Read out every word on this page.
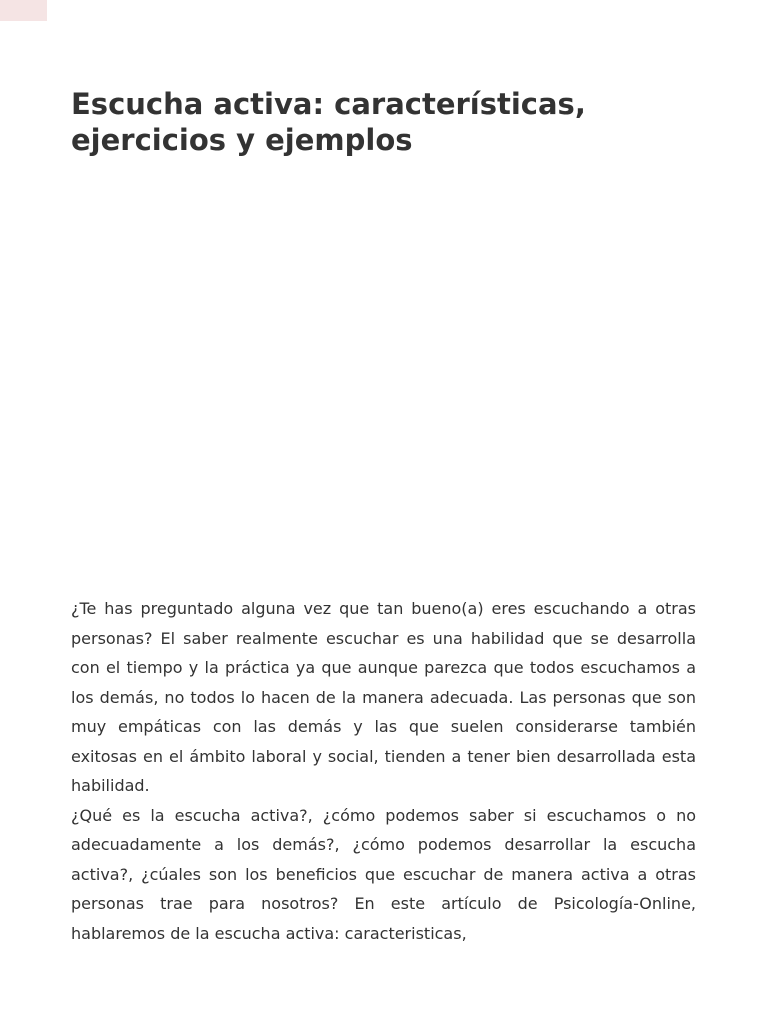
Escucha activa: características, ejercicios y ejemplos

¿Te has preguntado alguna vez que tan bueno(a) eres escuchando a otras personas? El saber realmente escuchar es una habilidad que se desarrolla con el tiempo y la práctica ya que aunque parezca que todos escuchamos a los demás, no todos lo hacen de la manera adecuada. Las personas que son muy empáticas con las demás y las que suelen considerarse también exitosas en el ámbito laboral y social, tienden a tener bien desarrollada esta habilidad.

¿Qué es la escucha activa?, ¿cómo podemos saber si escuchamos o no adecuadamente a los demás?, ¿cómo podemos desarrollar la escucha activa?, ¿cúales son los beneficios que escuchar de manera activa a otras personas trae para nosotros? En este artículo de Psicología-Online, hablaremos de la escucha activa: caracteristicas,
